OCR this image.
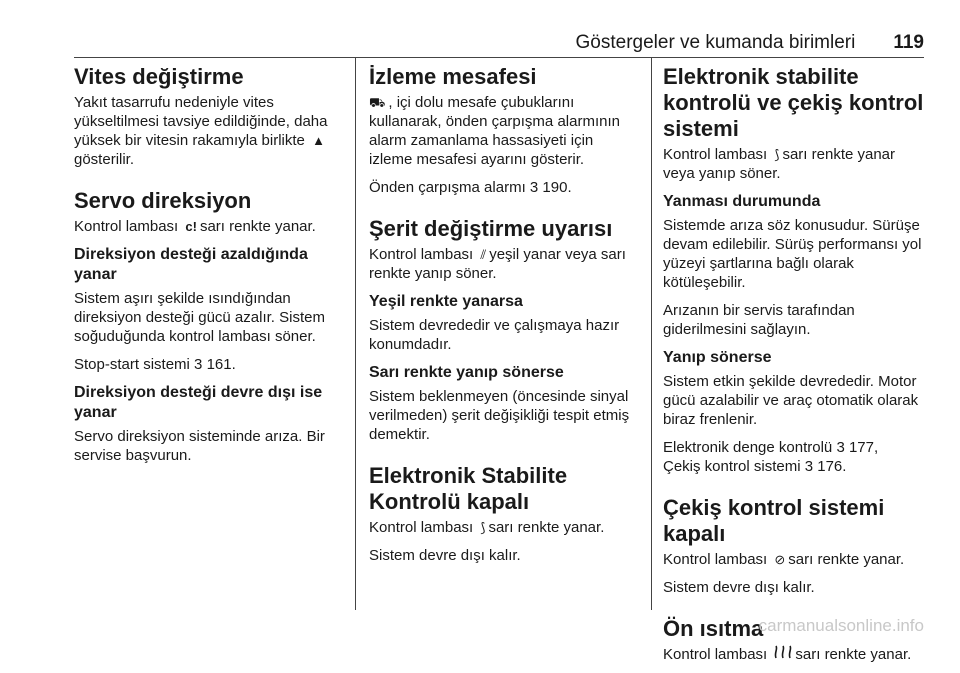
Göstergeler ve kumanda birimleri	119
Vites değiştirme

Yakıt tasarrufu nedeniyle vites yükseltilmesi tavsiye edildiğinde, daha yüksek bir vitesin rakamıyla birlikte ▲gösterilir.

Servo direksiyon

Kontrol lambası c! sarı renkte yanar.

Direksiyon desteği azaldığında yanar

Sistem aşırı şekilde ısındığından direksiyon desteği gücü azalır. Sistem soğuduğunda kontrol lambası söner.

Stop-start sistemi 3 161.

Direksiyon desteği devre dışı ise yanar

Servo direksiyon sisteminde arıza. Bir servise başvurun.

İzleme mesafesi

⛟ , içi dolu mesafe çubuklarını kullanarak, önden çarpışma alarmının alarm zamanlama hassasiyeti için izleme mesafesi ayarını gösterir.

Önden çarpışma alarmı 3 190.

Şerit değiştirme uyarısı

Kontrol lambası ⫽ yeşil yanar veya sarı renkte yanıp söner.

Yeşil renkte yanarsa

Sistem devrededir ve çalışmaya hazır konumdadır.

Sarı renkte yanıp sönerse

Sistem beklenmeyen (öncesinde sinyal verilmeden) şerit değişikliği tespit etmiş demektir.

Elektronik Stabilite Kontrolü kapalı

Kontrol lambası ⟆ sarı renkte yanar.

Sistem devre dışı kalır.

Elektronik stabilite kontrolü ve çekiş kontrol sistemi

Kontrol lambası ⟆ sarı renkte yanar veya yanıp söner.

Yanması durumunda

Sistemde arıza söz konusudur. Sürüşe devam edilebilir. Sürüş performansı yol yüzeyi şartlarına bağlı olarak kötüleşebilir.

Arızanın bir servis tarafından giderilmesini sağlayın.

Yanıp sönerse

Sistem etkin şekilde devrededir. Motor gücü azalabilir ve araç otomatik olarak biraz frenlenir.

Elektronik denge kontrolü 3 177,
Çekiş kontrol sistemi 3 176.

Çekiş kontrol sistemi kapalı

Kontrol lambası ⊘ sarı renkte yanar.

Sistem devre dışı kalır.

Ön ısıtma

Kontrol lambası sarı renkte yanar.

carmanualsonline.info
